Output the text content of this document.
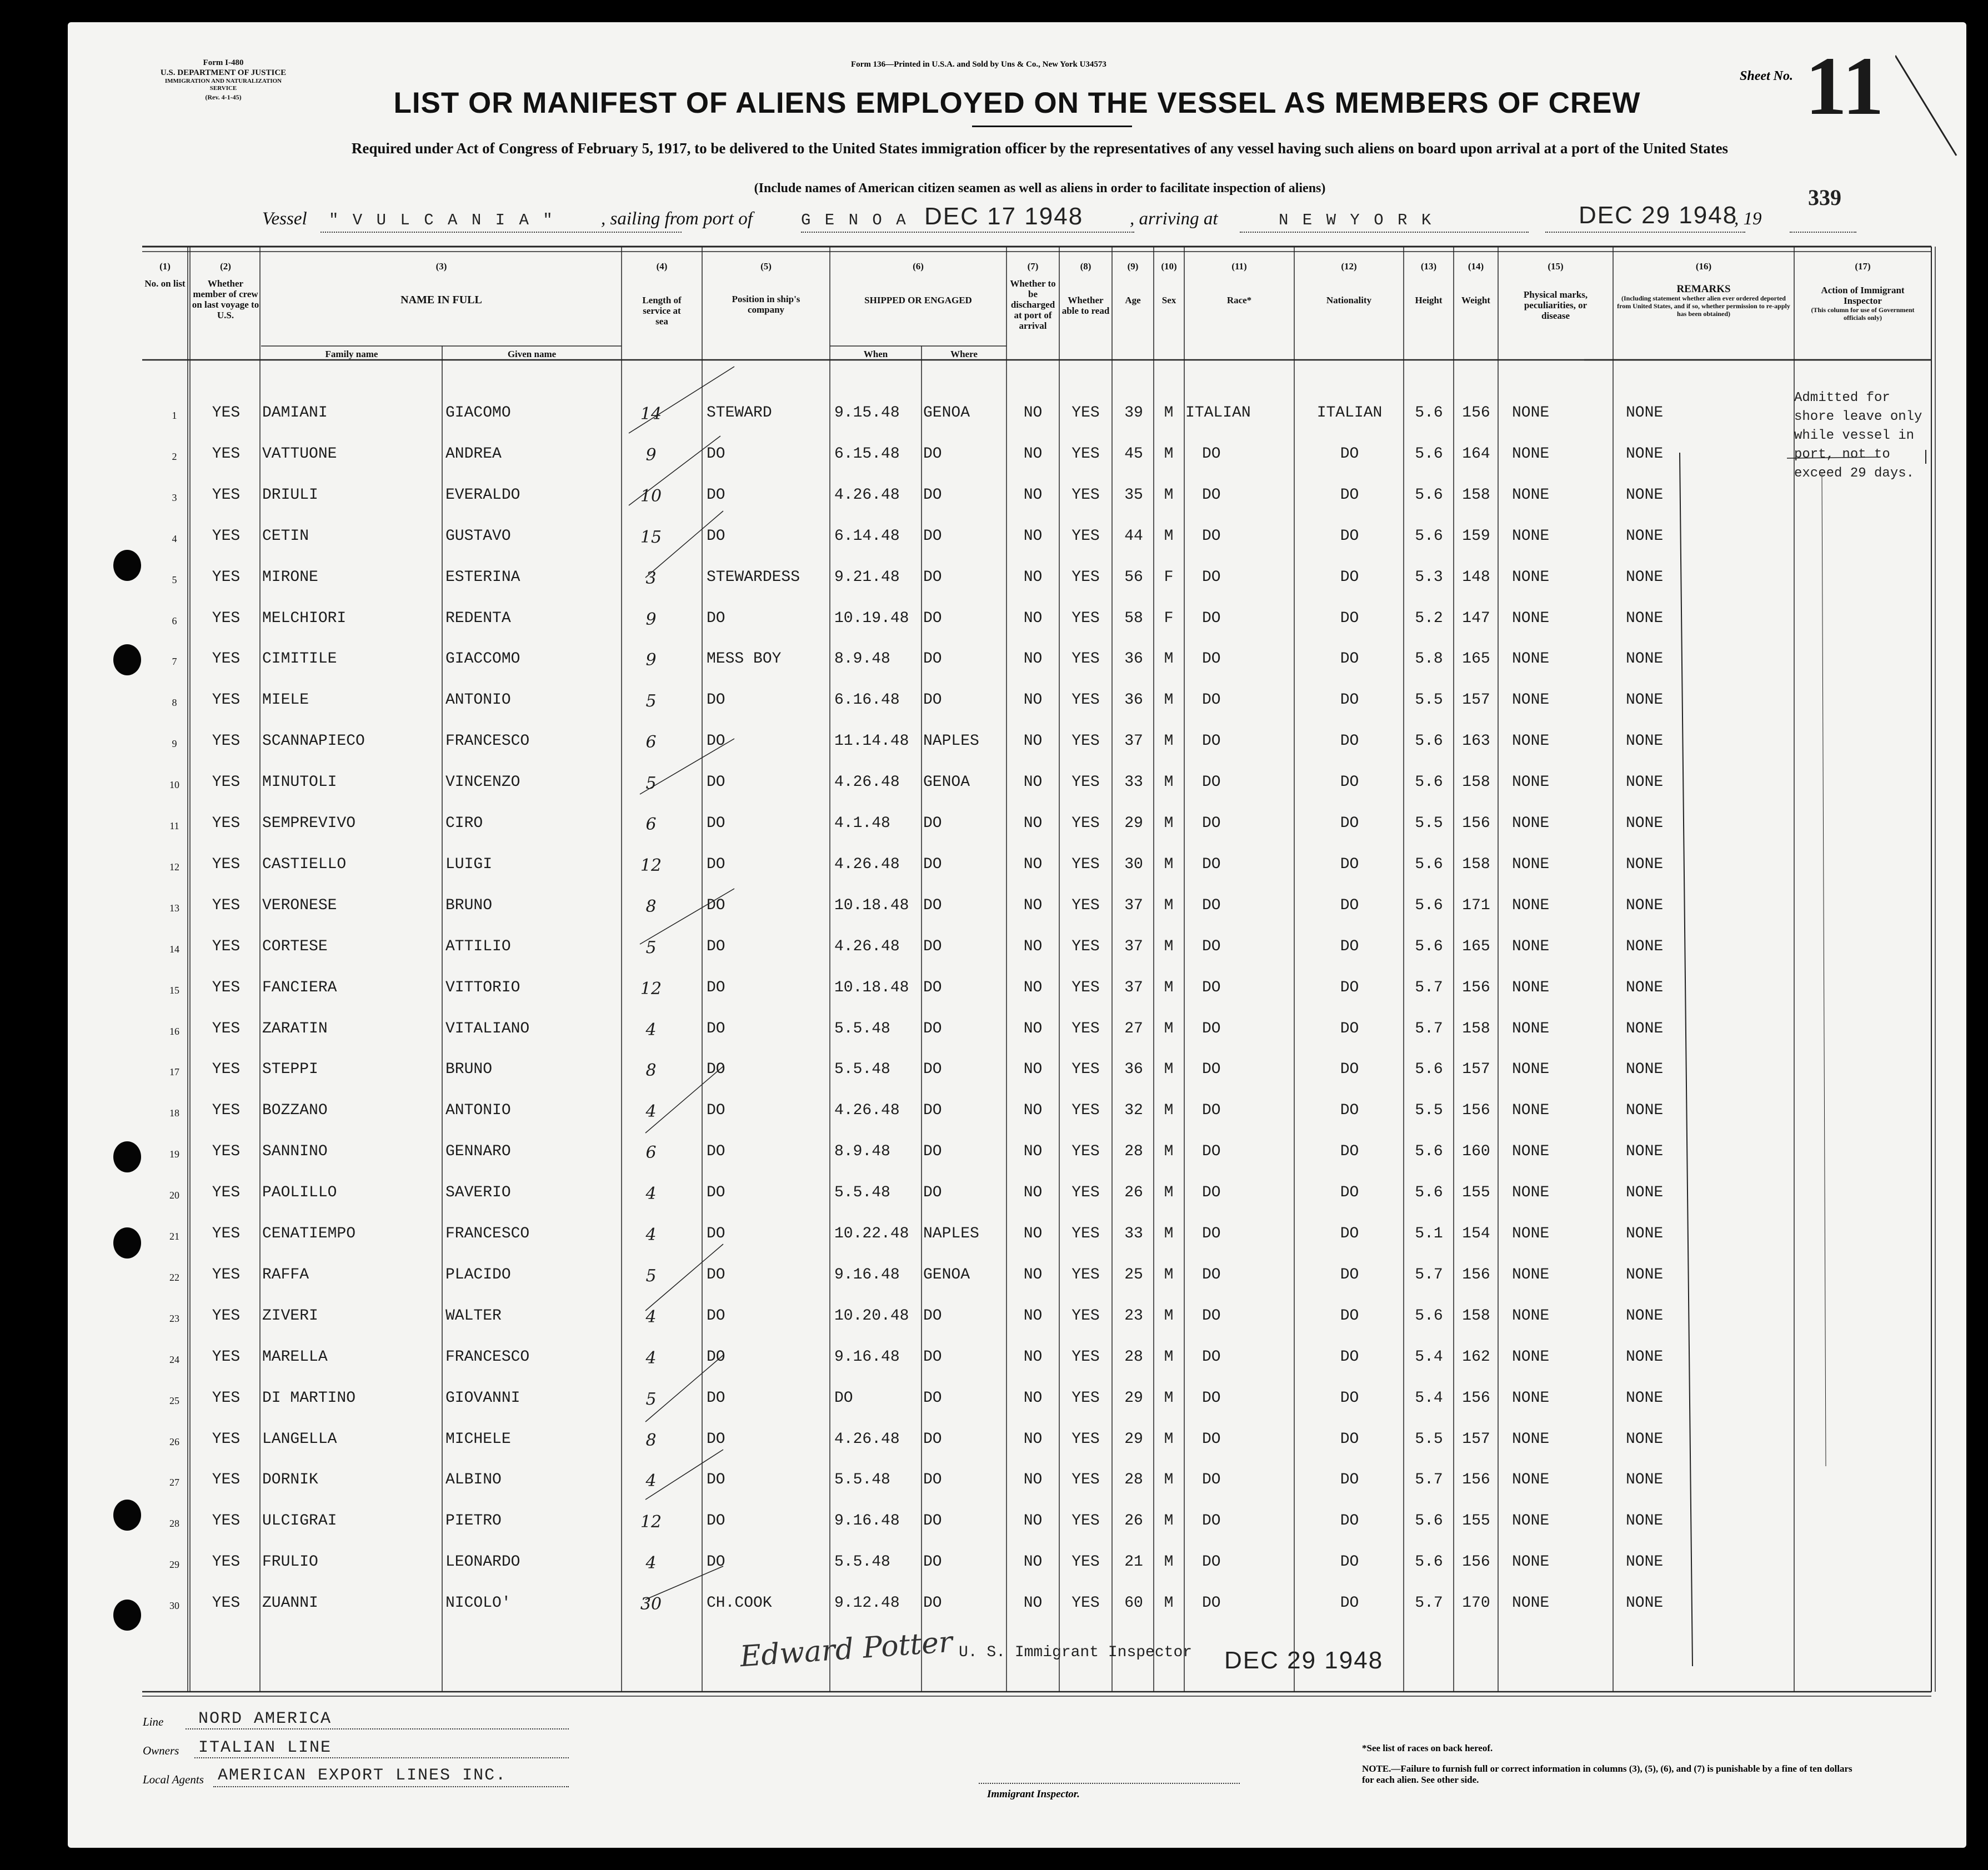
Form I-480
U.S. DEPARTMENT OF JUSTICE
IMMIGRATION AND NATURALIZATION SERVICE
(Rev. 4-1-45)
Form 136—Printed in U.S.A. and Sold by Uns & Co., New York U34573
Sheet No. 11
LIST OR MANIFEST OF ALIENS EMPLOYED ON THE VESSEL AS MEMBERS OF CREW
Required under Act of Congress of February 5, 1917, to be delivered to the United States immigration officer by the representatives of any vessel having such aliens on board upon arrival at a port of the United States
(Include names of American citizen seamen as well as aliens in order to facilitate inspection of aliens)	339
Vessel " V U L C A N I A "	, sailing from port of	G E N O A DEC 17 1948	, arriving at	N E W Y O R K	DEC 29 1948
, 19
(1)
No. on list
(2)
Whether member of crew on last voyage to U.S.
(3)
NAME IN FULL
Family name	Given name
(4)
Length of service at sea
(5)
Position in ship's company
(6)
SHIPPED OR ENGAGED
When	Where
(7)
Whether to be discharged at port of arrival
(8)
Whether able to read
(9)
Age
(10)
Sex
(11)
Race*
(12)
Nationality
(13)
Height
(14)
Weight
(15)
Physical marks, peculiarities, or disease
(16)
REMARKS
(Including statement whether alien ever ordered deported from United States, and if so, whether permission to re-apply has been obtained)
(17)
Action of Immigrant Inspector
(This column for use of Government officials only)
1	YES	DAMIANI	GIACOMO	14	STEWARD	9.15.48	GENOA	NO	YES	39	M ITALIAN	ITALIAN	5.6	156	NONE	NONE
2	YES	VATTUONE	ANDREA	9	DO	6.15.48	DO	NO	YES	45	M	DO	DO	5.6	164	NONE	NONE
3	YES	DRIULI	EVERALDO	10	DO	4.26.48	DO	NO	YES	35	M	DO	DO	5.6	158	NONE	NONE
4	YES	CETIN	GUSTAVO	15	DO	6.14.48	DO	NO	YES	44	M	DO	DO	5.6	159	NONE	NONE
5	YES	MIRONE	ESTERINA	3	STEWARDESS	9.21.48	DO	NO	YES	56	F	DO	DO	5.3	148	NONE	NONE
6	YES	MELCHIORI	REDENTA	9	DO	10.19.48 DO	NO	YES	58	F	DO	DO	5.2	147	NONE	NONE
7	YES	CIMITILE	GIACCOMO	9	MESS BOY	8.9.48	DO	NO	YES	36	M	DO	DO	5.8	165	NONE	NONE
8	YES	MIELE	ANTONIO	5	DO	6.16.48	DO	NO	YES	36	M	DO	DO	5.5	157	NONE	NONE
9	YES	SCANNAPIECO	FRANCESCO	6	DO	11.14.48 NAPLES	NO	YES	37	M	DO	DO	5.6	163	NONE	NONE
10	YES	MINUTOLI	VINCENZO	5	DO	4.26.48	GENOA	NO	YES	33	M	DO	DO	5.6	158	NONE	NONE
11	YES	SEMPREVIVO	CIRO	6	DO	4.1.48	DO	NO	YES	29	M	DO	DO	5.5	156	NONE	NONE
12	YES	CASTIELLO	LUIGI	12	DO	4.26.48	DO	NO	YES	30	M	DO	DO	5.6	158	NONE	NONE
13	YES	VERONESE	BRUNO	8	DO	10.18.48 DO	NO	YES	37	M	DO	DO	5.6	171	NONE	NONE
14	YES	CORTESE	ATTILIO	5	DO	4.26.48	DO	NO	YES	37	M	DO	DO	5.6	165	NONE	NONE
15	YES	FANCIERA	VITTORIO	12	DO	10.18.48 DO	NO	YES	37	M	DO	DO	5.7	156	NONE	NONE
16	YES	ZARATIN	VITALIANO	4	DO	5.5.48	DO	NO	YES	27	M	DO	DO	5.7	158	NONE	NONE
17	YES	STEPPI	BRUNO	8	DO	5.5.48	DO	NO	YES	36	M	DO	DO	5.6	157	NONE	NONE
18	YES	BOZZANO	ANTONIO	4	DO	4.26.48	DO	NO	YES	32	M	DO	DO	5.5	156	NONE	NONE
19	YES	SANNINO	GENNARO	6	DO	8.9.48	DO	NO	YES	28	M	DO	DO	5.6	160	NONE	NONE
20	YES	PAOLILLO	SAVERIO	4	DO	5.5.48	DO	NO	YES	26	M	DO	DO	5.6	155	NONE	NONE
21	YES	CENATIEMPO	FRANCESCO	4	DO	10.22.48 NAPLES	NO	YES	33	M	DO	DO	5.1	154	NONE	NONE
22	YES	RAFFA	PLACIDO	5	DO	9.16.48	GENOA	NO	YES	25	M	DO	DO	5.7	156	NONE	NONE
23	YES	ZIVERI	WALTER	4	DO	10.20.48 DO	NO	YES	23	M	DO	DO	5.6	158	NONE	NONE
24	YES	MARELLA	FRANCESCO	4	DO	9.16.48	DO	NO	YES	28	M	DO	DO	5.4	162	NONE	NONE
25	YES	DI MARTINO	GIOVANNI	5	DO	DO	DO	NO	YES	29	M	DO	DO	5.4	156	NONE	NONE
26	YES	LANGELLA	MICHELE	8	DO	4.26.48	DO	NO	YES	29	M	DO	DO	5.5	157	NONE	NONE
27	YES	DORNIK	ALBINO	4	DO	5.5.48	DO	NO	YES	28	M	DO	DO	5.7	156	NONE	NONE
28	YES	ULCIGRAI	PIETRO	12	DO	9.16.48	DO	NO	YES	26	M	DO	DO	5.6	155	NONE	NONE
29	YES	FRULIO	LEONARDO	4	DO	5.5.48	DO	NO	YES	21	M	DO	DO	5.6	156	NONE	NONE
30	YES	ZUANNI	NICOLO'	30	CH.COOK	9.12.48	DO	NO	YES	60	M	DO	DO	5.7	170	NONE	NONE
Admitted for shore leave only while vessel in port, not to exceed 29 days.
Edward Potter U. S. Immigrant Inspector DEC 29 1948
Line NORD AMERICA
Owners ITALIAN LINE
Local Agents AMERICAN EXPORT LINES INC.
Immigrant Inspector.
*See list of races on back hereof.
NOTE.—Failure to furnish full or correct information in columns (3), (5), (6), and (7) is punishable by a fine of ten dollars for each alien. See other side.
